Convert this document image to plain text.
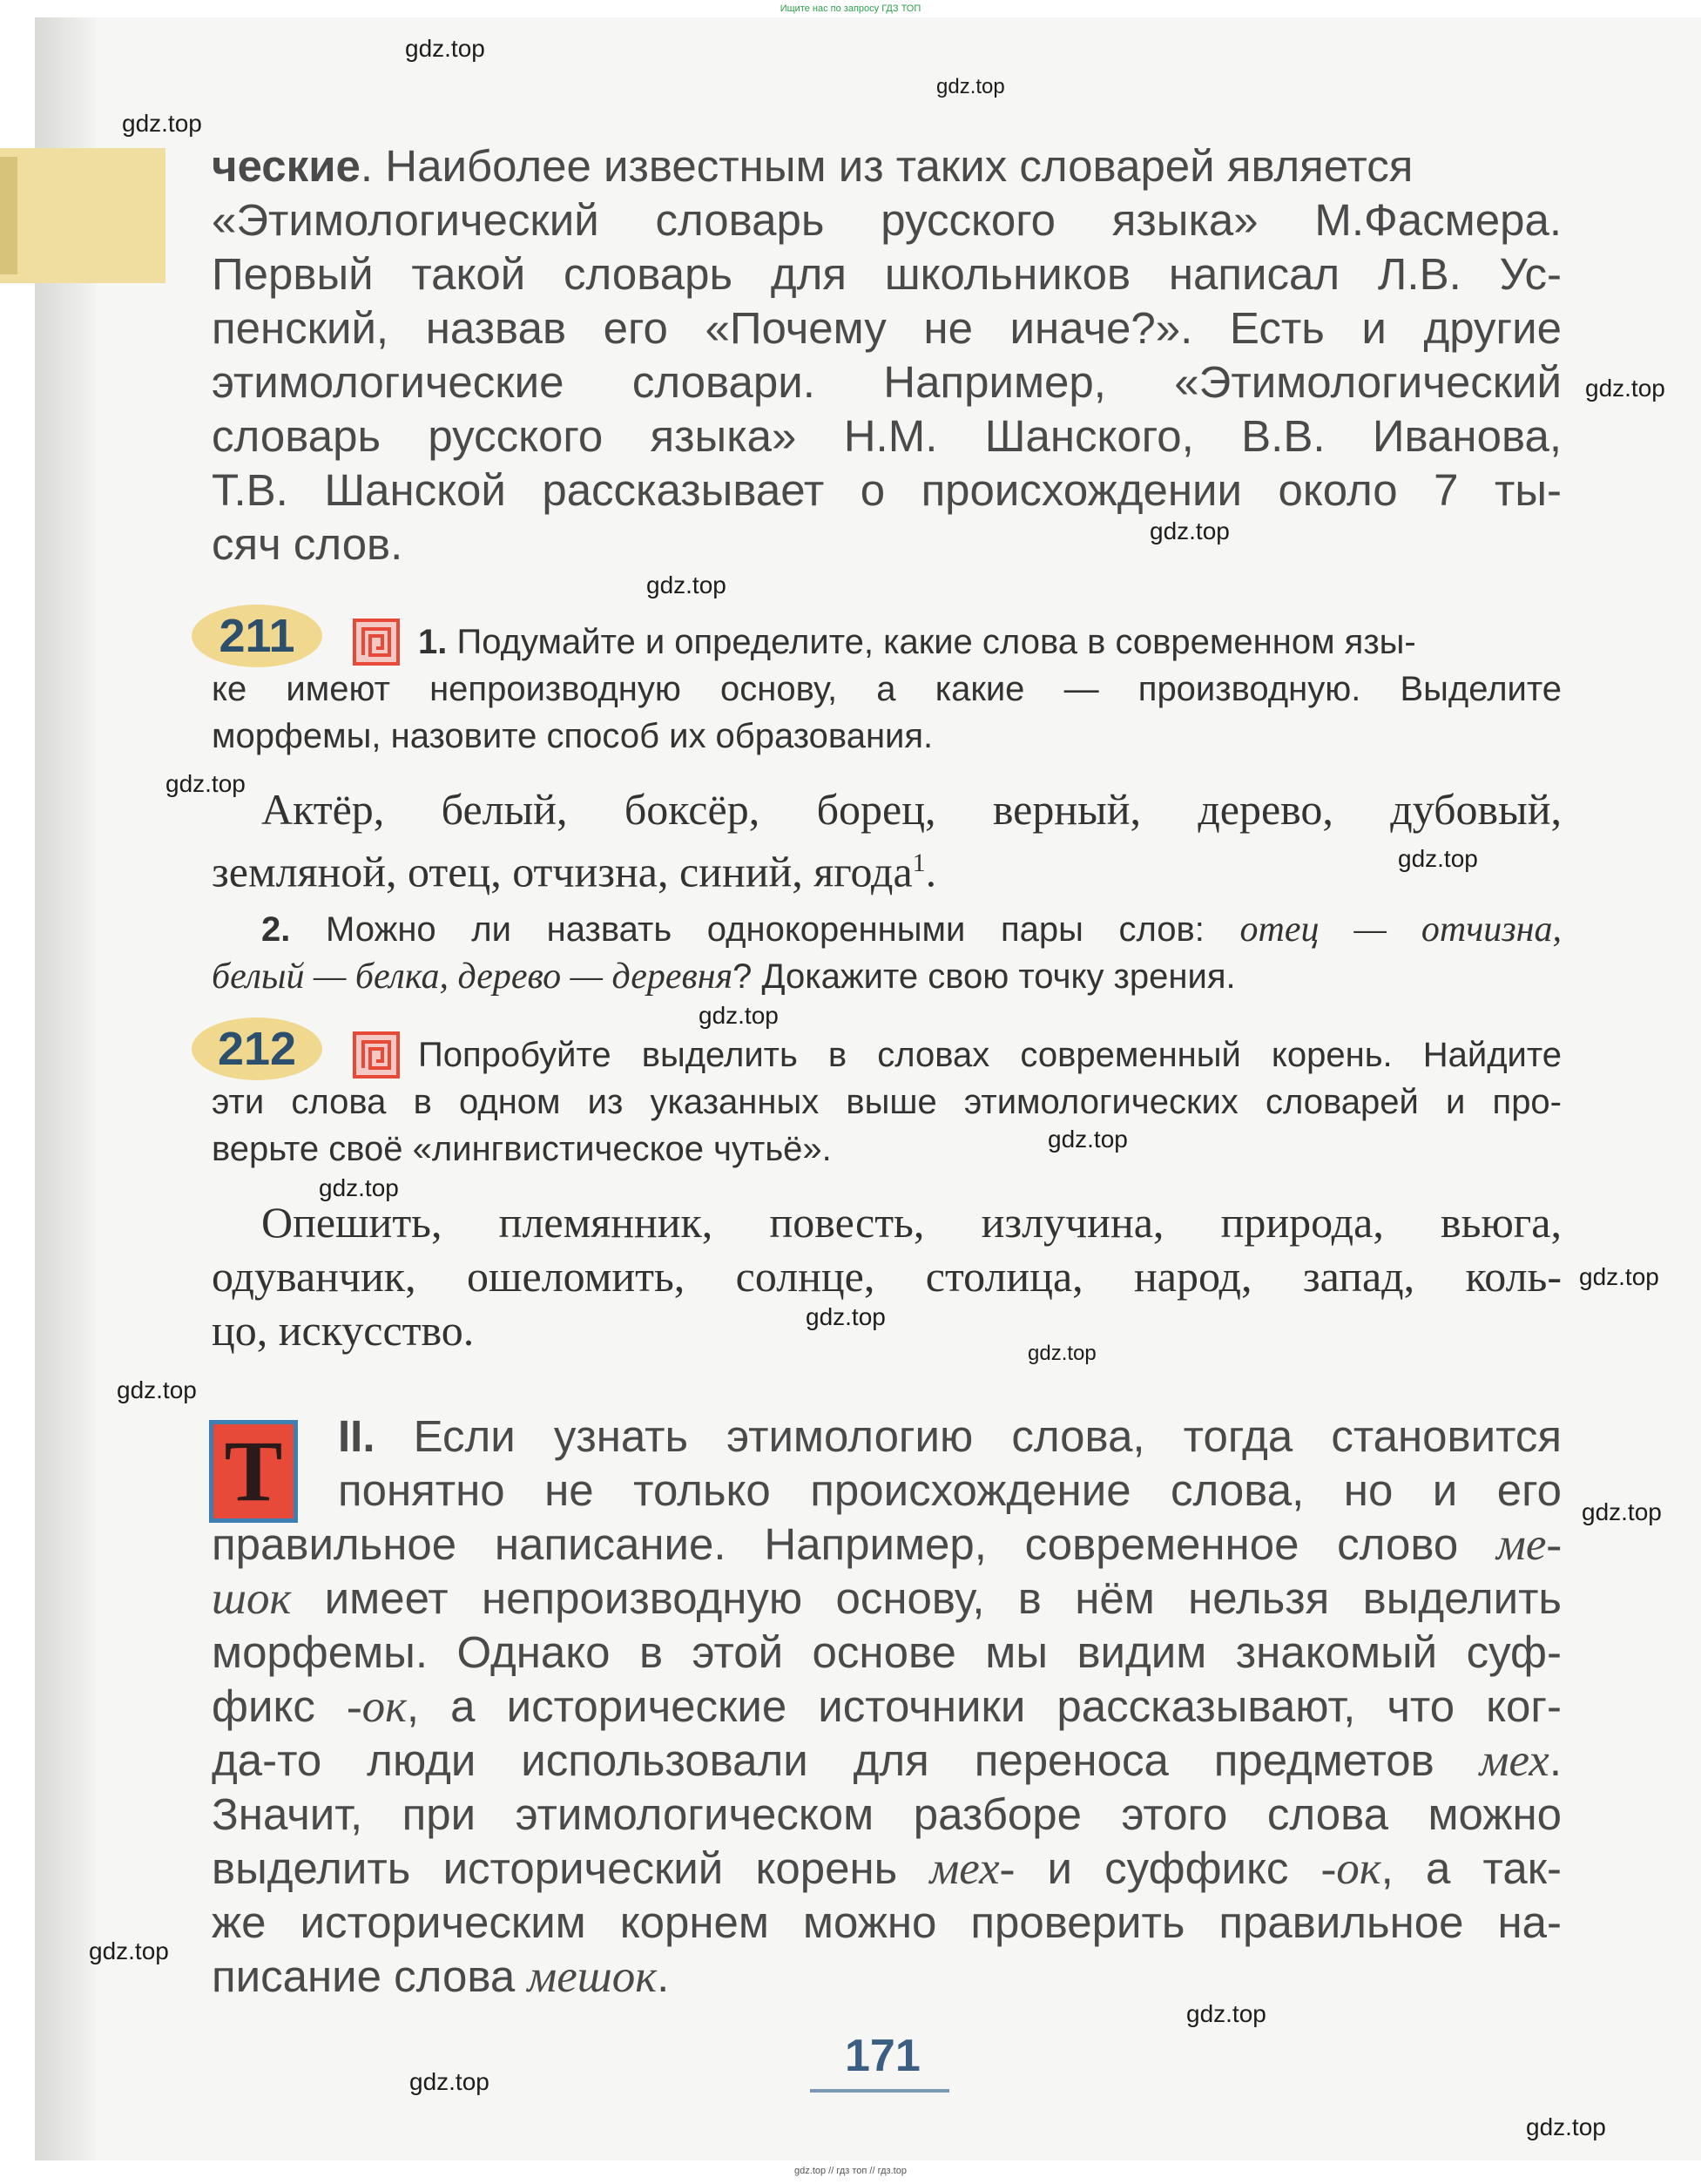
Ищите нас по запросу ГДЗ ТОП
gdz.top
gdz.top
gdz.top
gdz.top
gdz.top
gdz.top
gdz.top
gdz.top
gdz.top
gdz.top
gdz.top
gdz.top
gdz.top
gdz.top
gdz.top
gdz.top
gdz.top
gdz.top
gdz.top
gdz.top
ческие. Наиболее известным из таких словарей является
«Этимологический словарь русского языка» М.Фасмера.
Первый такой словарь для школьников написал Л.В. Ус-
пенский, назвав его «Почему не иначе?». Есть и другие
этимологические словари. Например, «Этимологический
словарь русского языка» Н.М. Шанского, В.В. Иванова,
Т.В. Шанской рассказывает о происхождении около 7 ты-
сяч слов.
211	1. Подумайте и определите, какие слова в современном язы-
ке имеют непроизводную основу, а какие — производную. Выделите
морфемы, назовите способ их образования.
Актёр, белый, боксёр, борец, верный, дерево, дубовый,
земляной, отец, отчизна, синий, ягода$^1$.
2. Можно ли назвать однокоренными пары слов: отец — отчизна,
белый — белка, дерево — деревня? Докажите свою точку зрения.
212	Попробуйте выделить в словах современный корень. Найдите
эти слова в одном из указанных выше этимологических словарей и про-
верьте своё «лингвистическое чутьё».
Опешить, племянник, повесть, излучина, природа, вьюга,
одуванчик, ошеломить, солнце, столица, народ, запад, коль-
цо, искусство.
Т II. Если узнать этимологию слова, тогда становится
понятно не только происхождение слова, но и его
правильное написание. Например, современное слово ме-
шок имеет непроизводную основу, в нём нельзя выделить
морфемы. Однако в этой основе мы видим знакомый суф-
фикс -ок, а исторические источники рассказывают, что ког-
да-то люди использовали для переноса предметов мех.
Значит, при этимологическом разборе этого слова можно
выделить исторический корень мех- и суффикс -ок, а так-
же историческим корнем можно проверить правильное на-
писание слова мешок.
171
gdz.top // гдз топ // гдз.top
